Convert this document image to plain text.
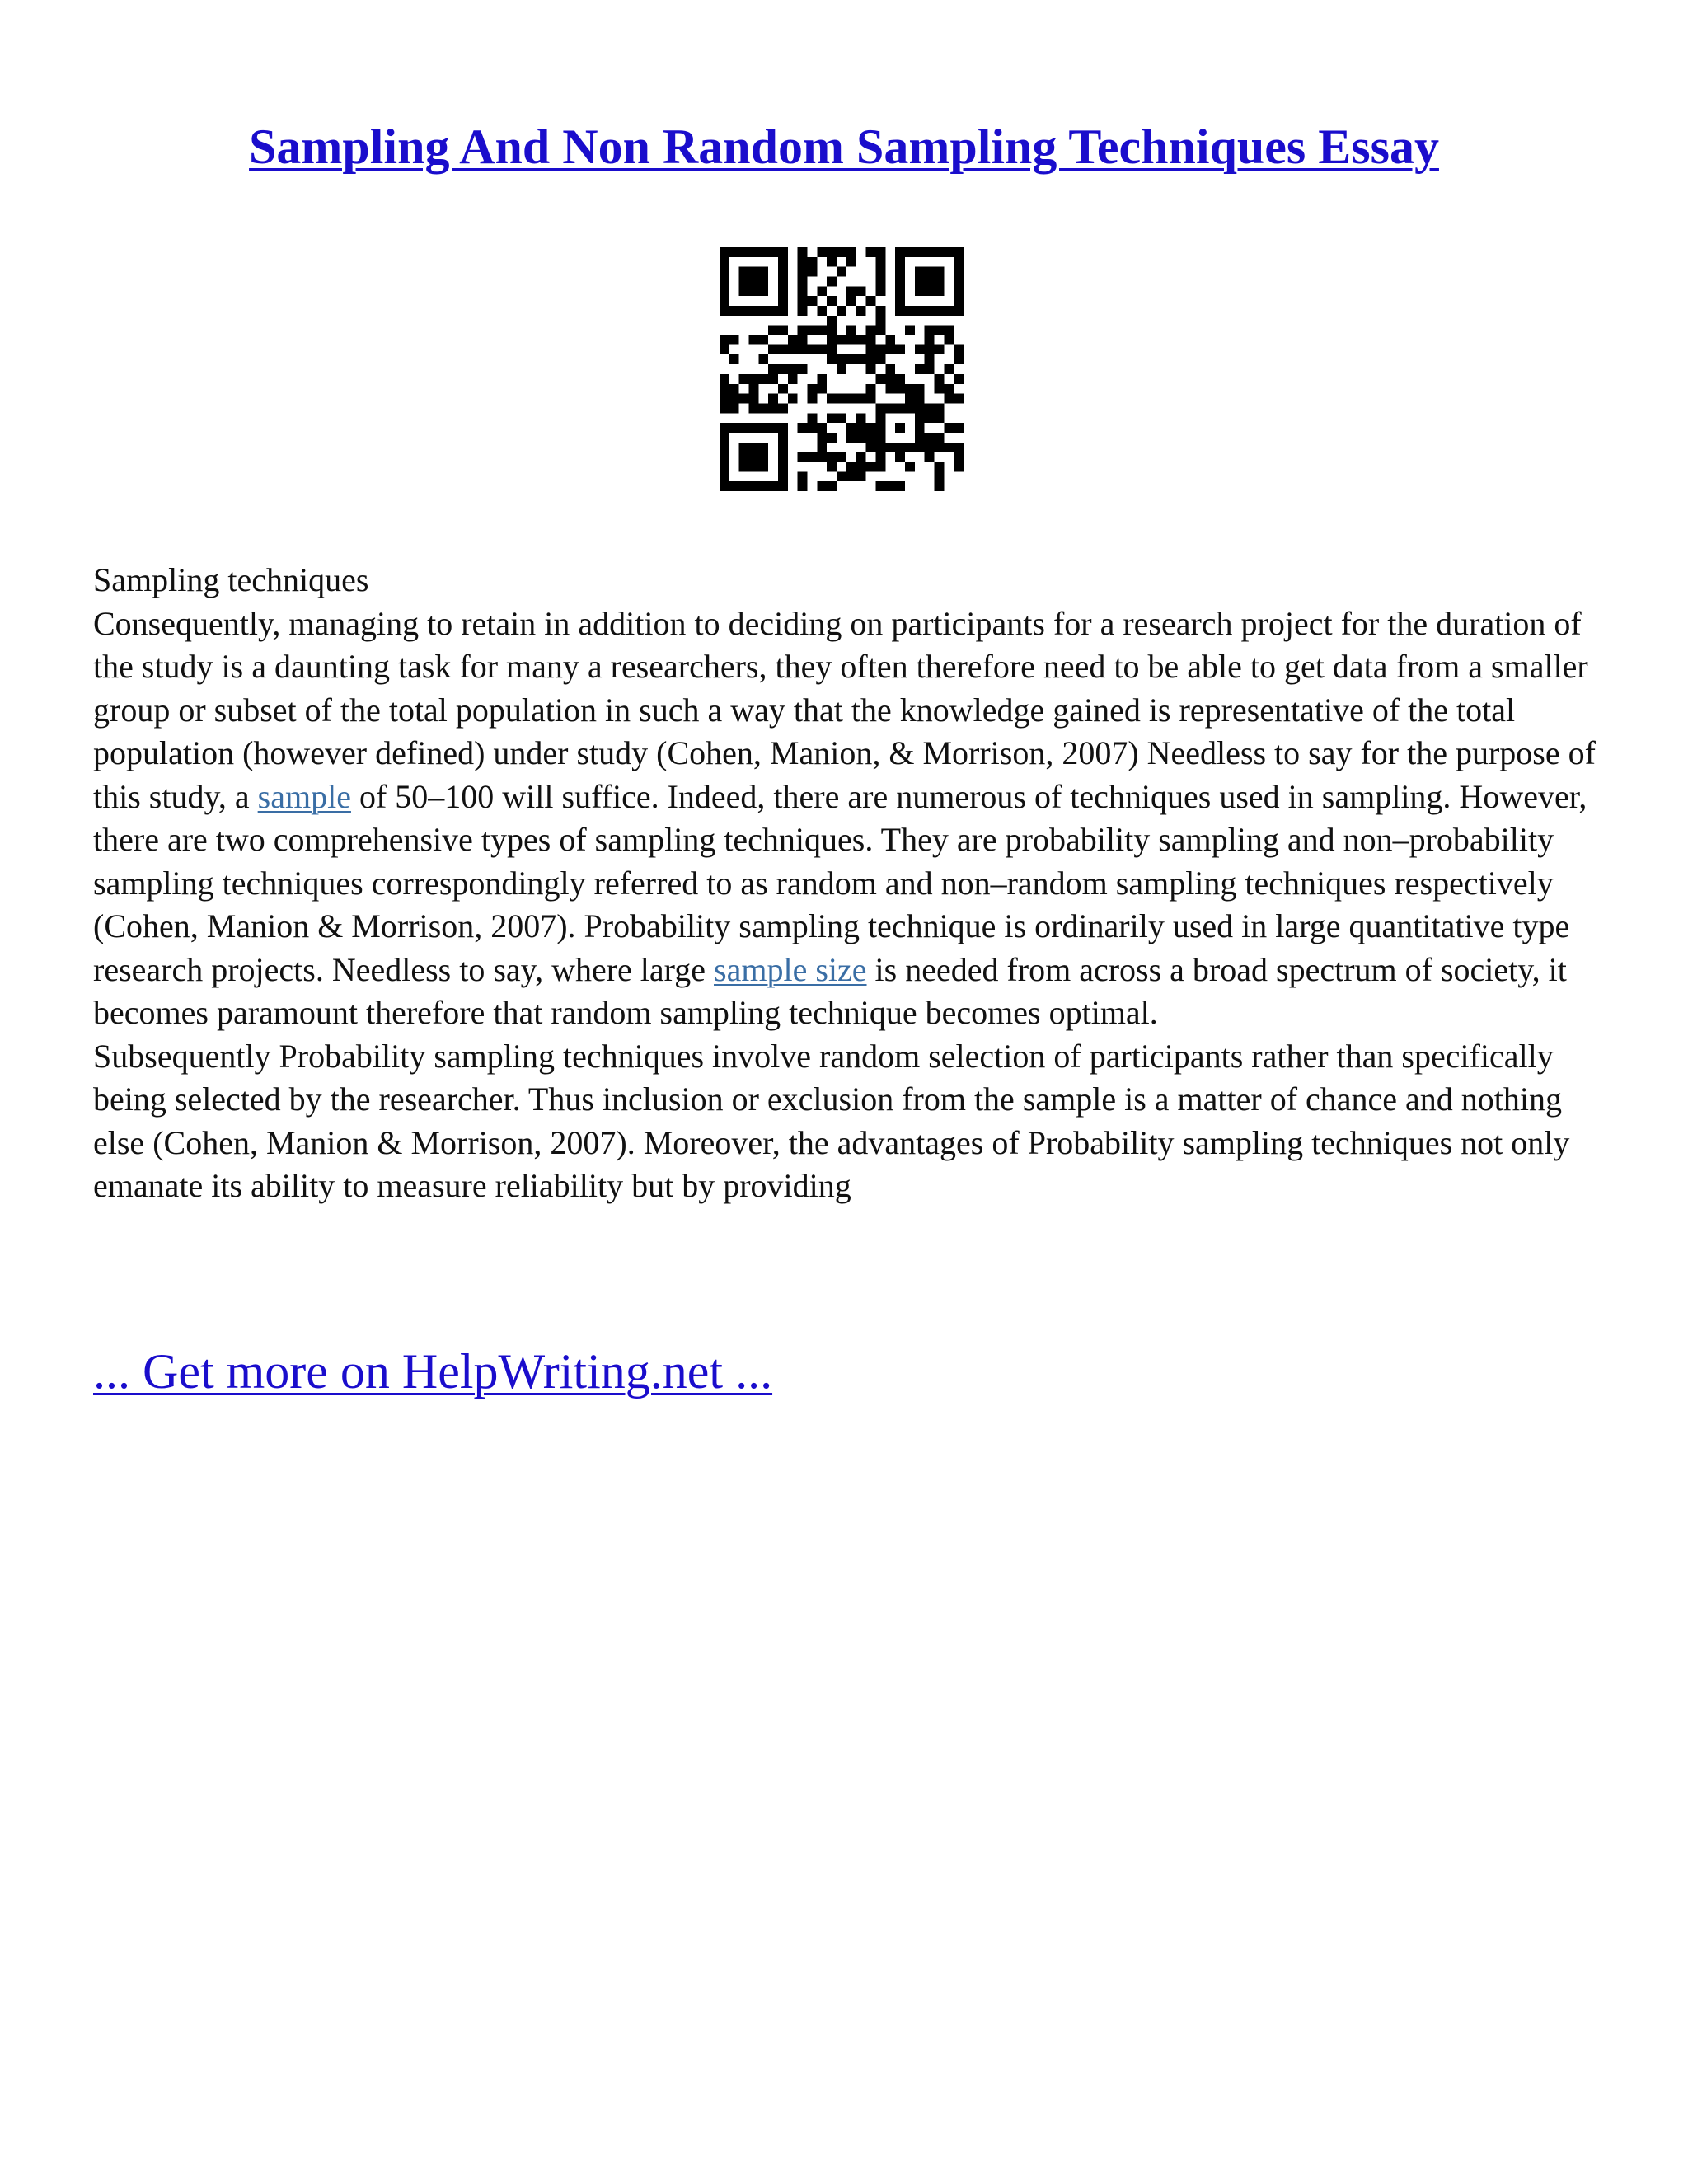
Sampling And Non Random Sampling Techniques Essay

Sampling techniques

Consequently, managing to retain in addition to deciding on participants for a research project for the duration of the study is a daunting task for many a researchers, they often therefore need to be able to get data from a smaller group or subset of the total population in such a way that the knowledge gained is representative of the total population (however defined) under study (Cohen, Manion, & Morrison, 2007) Needless to say for the purpose of this study, a sample of 50–100 will suffice. Indeed, there are numerous of techniques used in sampling. However, there are two comprehensive types of sampling techniques. They are probability sampling and non–probability sampling techniques correspondingly referred to as random and non–random sampling techniques respectively (Cohen, Manion & Morrison, 2007). Probability sampling technique is ordinarily used in large quantitative type research projects. Needless to say, where large sample size is needed from across a broad spectrum of society, it becomes paramount therefore that random sampling technique becomes optimal.

Subsequently Probability sampling techniques involve random selection of participants rather than specifically being selected by the researcher. Thus inclusion or exclusion from the sample is a matter of chance and nothing else (Cohen, Manion & Morrison, 2007). Moreover, the advantages of Probability sampling techniques not only emanate its ability to measure reliability but by providing

... Get more on HelpWriting.net ...
